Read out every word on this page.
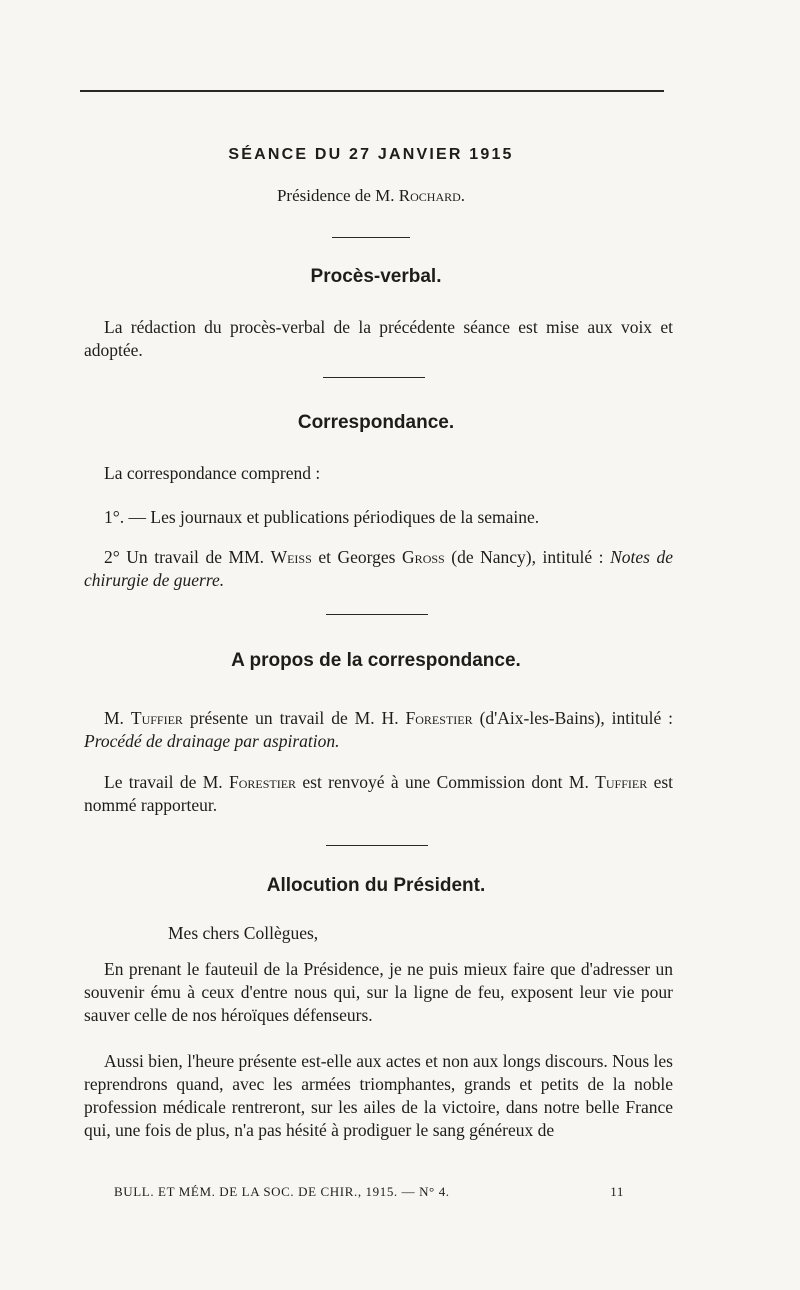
SÉANCE DU 27 JANVIER 1915
Présidence de M. Rochard.
Procès-verbal.
La rédaction du procès-verbal de la précédente séance est mise aux voix et adoptée.
Correspondance.
La correspondance comprend :
1°. — Les journaux et publications périodiques de la semaine.
2° Un travail de MM. Weiss et Georges Gross (de Nancy), intitulé : Notes de chirurgie de guerre.
A propos de la correspondance.
M. Tuffier présente un travail de M. H. Forestier (d'Aix-les-Bains), intitulé : Procédé de drainage par aspiration.
Le travail de M. Forestier est renvoyé à une Commission dont M. Tuffier est nommé rapporteur.
Allocution du Président.
Mes chers Collègues,
En prenant le fauteuil de la Présidence, je ne puis mieux faire que d'adresser un souvenir ému à ceux d'entre nous qui, sur la ligne de feu, exposent leur vie pour sauver celle de nos héroïques défenseurs.
Aussi bien, l'heure présente est-elle aux actes et non aux longs discours. Nous les reprendrons quand, avec les armées triomphantes, grands et petits de la noble profession médicale rentreront, sur les ailes de la victoire, dans notre belle France qui, une fois de plus, n'a pas hésité à prodiguer le sang généreux de
BULL. ET MÉM. DE LA SOC. DE CHIR., 1915. — N° 4.	11
